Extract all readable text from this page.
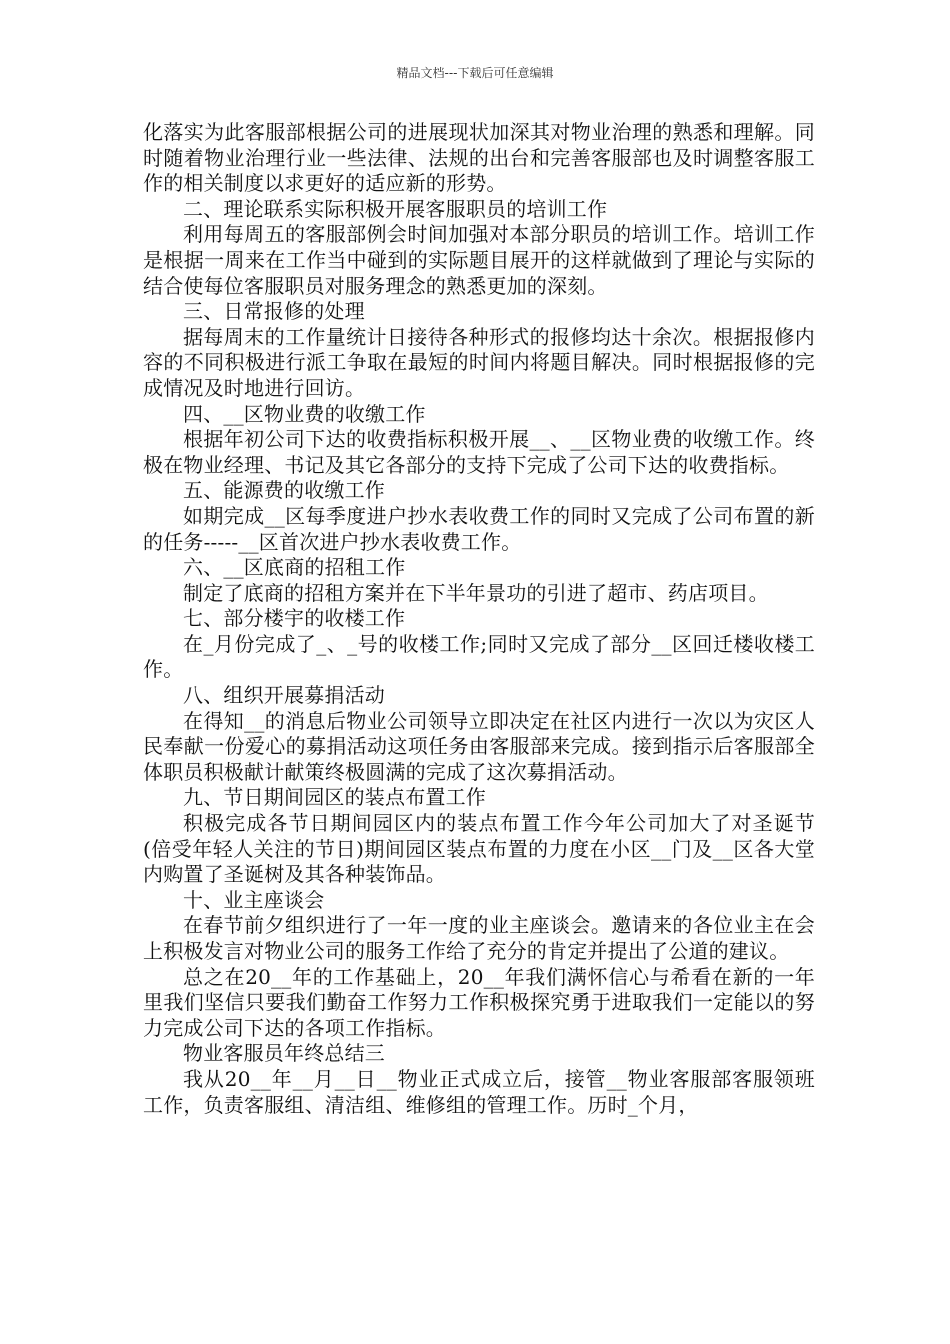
精品文档---下载后可任意编辑

化落实为此客服部根据公司的进展现状加深其对物业治理的熟悉和理解。同时随着物业治理行业一些法律、法规的出台和完善客服部也及时调整客服工作的相关制度以求更好的适应新的形势。

二、理论联系实际积极开展客服职员的培训工作

利用每周五的客服部例会时间加强对本部分职员的培训工作。培训工作是根据一周来在工作当中碰到的实际题目展开的这样就做到了理论与实际的结合使每位客服职员对服务理念的熟悉更加的深刻。

三、日常报修的处理

据每周末的工作量统计日接待各种形式的报修均达十余次。根据报修内容的不同积极进行派工争取在最短的时间内将题目解决。同时根据报修的完成情况及时地进行回访。

四、__区物业费的收缴工作

根据年初公司下达的收费指标积极开展__、__区物业费的收缴工作。终极在物业经理、书记及其它各部分的支持下完成了公司下达的收费指标。

五、能源费的收缴工作

如期完成__区每季度进户抄水表收费工作的同时又完成了公司布置的新的任务-----__区首次进户抄水表收费工作。

六、__区底商的招租工作

制定了底商的招租方案并在下半年景功的引进了超市、药店项目。

七、部分楼宇的收楼工作

在_月份完成了_、_号的收楼工作;同时又完成了部分__区回迁楼收楼工作。

八、组织开展募捐活动

在得知__的消息后物业公司领导立即决定在社区内进行一次以为灾区人民奉献一份爱心的募捐活动这项任务由客服部来完成。接到指示后客服部全体职员积极献计献策终极圆满的完成了这次募捐活动。

九、节日期间园区的装点布置工作

积极完成各节日期间园区内的装点布置工作今年公司加大了对圣诞节(倍受年轻人关注的节日)期间园区装点布置的力度在小区__门及__区各大堂内购置了圣诞树及其各种装饰品。

十、业主座谈会

在春节前夕组织进行了一年一度的业主座谈会。邀请来的各位业主在会上积极发言对物业公司的服务工作给了充分的肯定并提出了公道的建议。

总之在20__年的工作基础上，20__年我们满怀信心与希看在新的一年里我们坚信只要我们勤奋工作努力工作积极探究勇于进取我们一定能以的努力完成公司下达的各项工作指标。

物业客服员年终总结三

我从20__年__月__日__物业正式成立后，接管__物业客服部客服领班工作，负责客服组、清洁组、维修组的管理工作。历时_个月，
